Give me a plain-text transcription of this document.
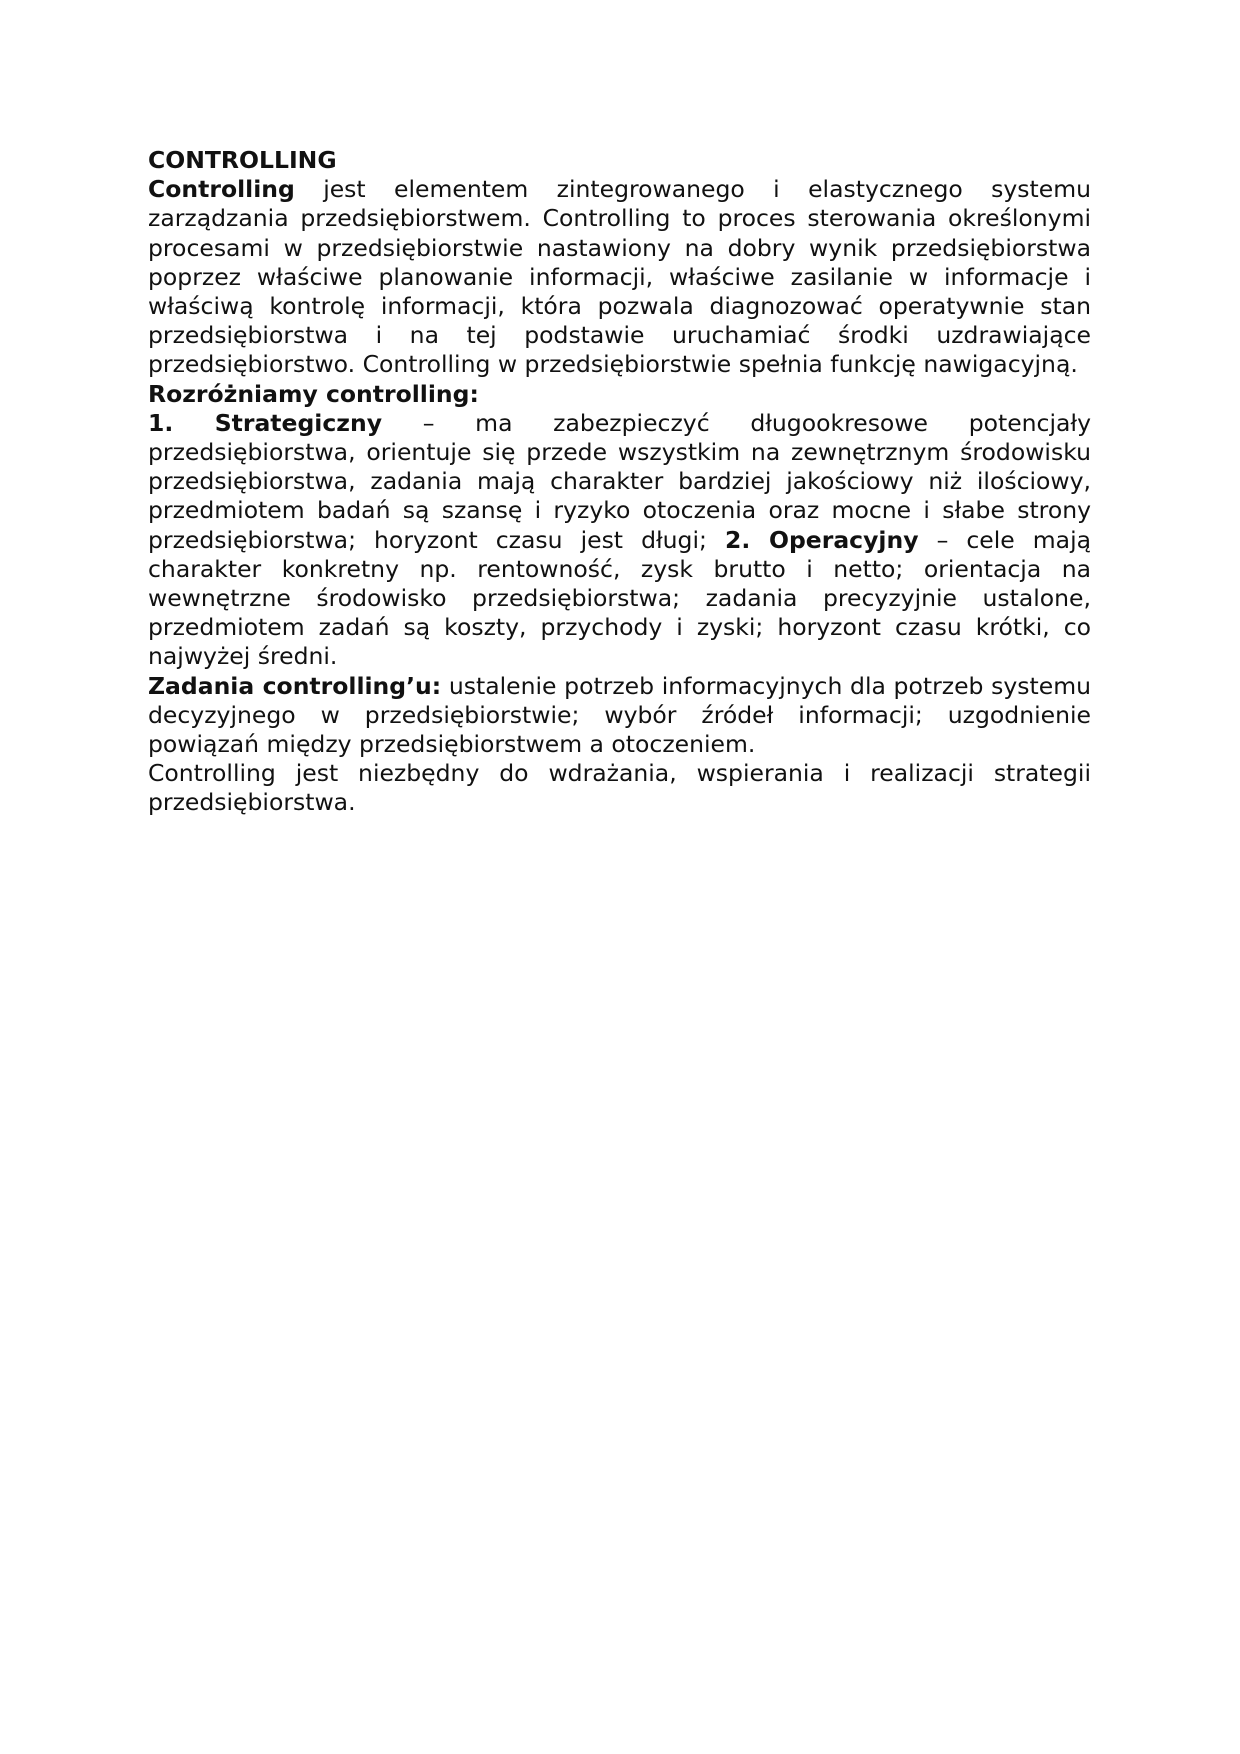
CONTROLLING

Controlling jest elementem zintegrowanego i elastycznego systemu zarządzania przedsiębiorstwem. Controlling to proces sterowania określonymi procesami w przedsiębiorstwie nastawiony na dobry wynik przedsiębiorstwa poprzez właściwe planowanie informacji, właściwe zasilanie w informacje i właściwą kontrolę informacji, która pozwala diagnozować operatywnie stan przedsiębiorstwa i na tej podstawie uruchamiać środki uzdrawiające przedsiębiorstwo. Controlling w przedsiębiorstwie spełnia funkcję nawigacyjną.

Rozróżniamy controlling:

1. Strategiczny – ma zabezpieczyć długookresowe potencjały przedsiębiorstwa, orientuje się przede wszystkim na zewnętrznym środowisku przedsiębiorstwa, zadania mają charakter bardziej jakościowy niż ilościowy, przedmiotem badań są szansę i ryzyko otoczenia oraz mocne i słabe strony przedsiębiorstwa; horyzont czasu jest długi; 2. Operacyjny – cele mają charakter konkretny np. rentowność, zysk brutto i netto; orientacja na wewnętrzne środowisko przedsiębiorstwa; zadania precyzyjnie ustalone, przedmiotem zadań są koszty, przychody i zyski; horyzont czasu krótki, co najwyżej średni.

Zadania controlling’u: ustalenie potrzeb informacyjnych dla potrzeb systemu decyzyjnego w przedsiębiorstwie; wybór źródeł informacji; uzgodnienie powiązań między przedsiębiorstwem a otoczeniem.

Controlling jest niezbędny do wdrażania, wspierania i realizacji strategii przedsiębiorstwa.
